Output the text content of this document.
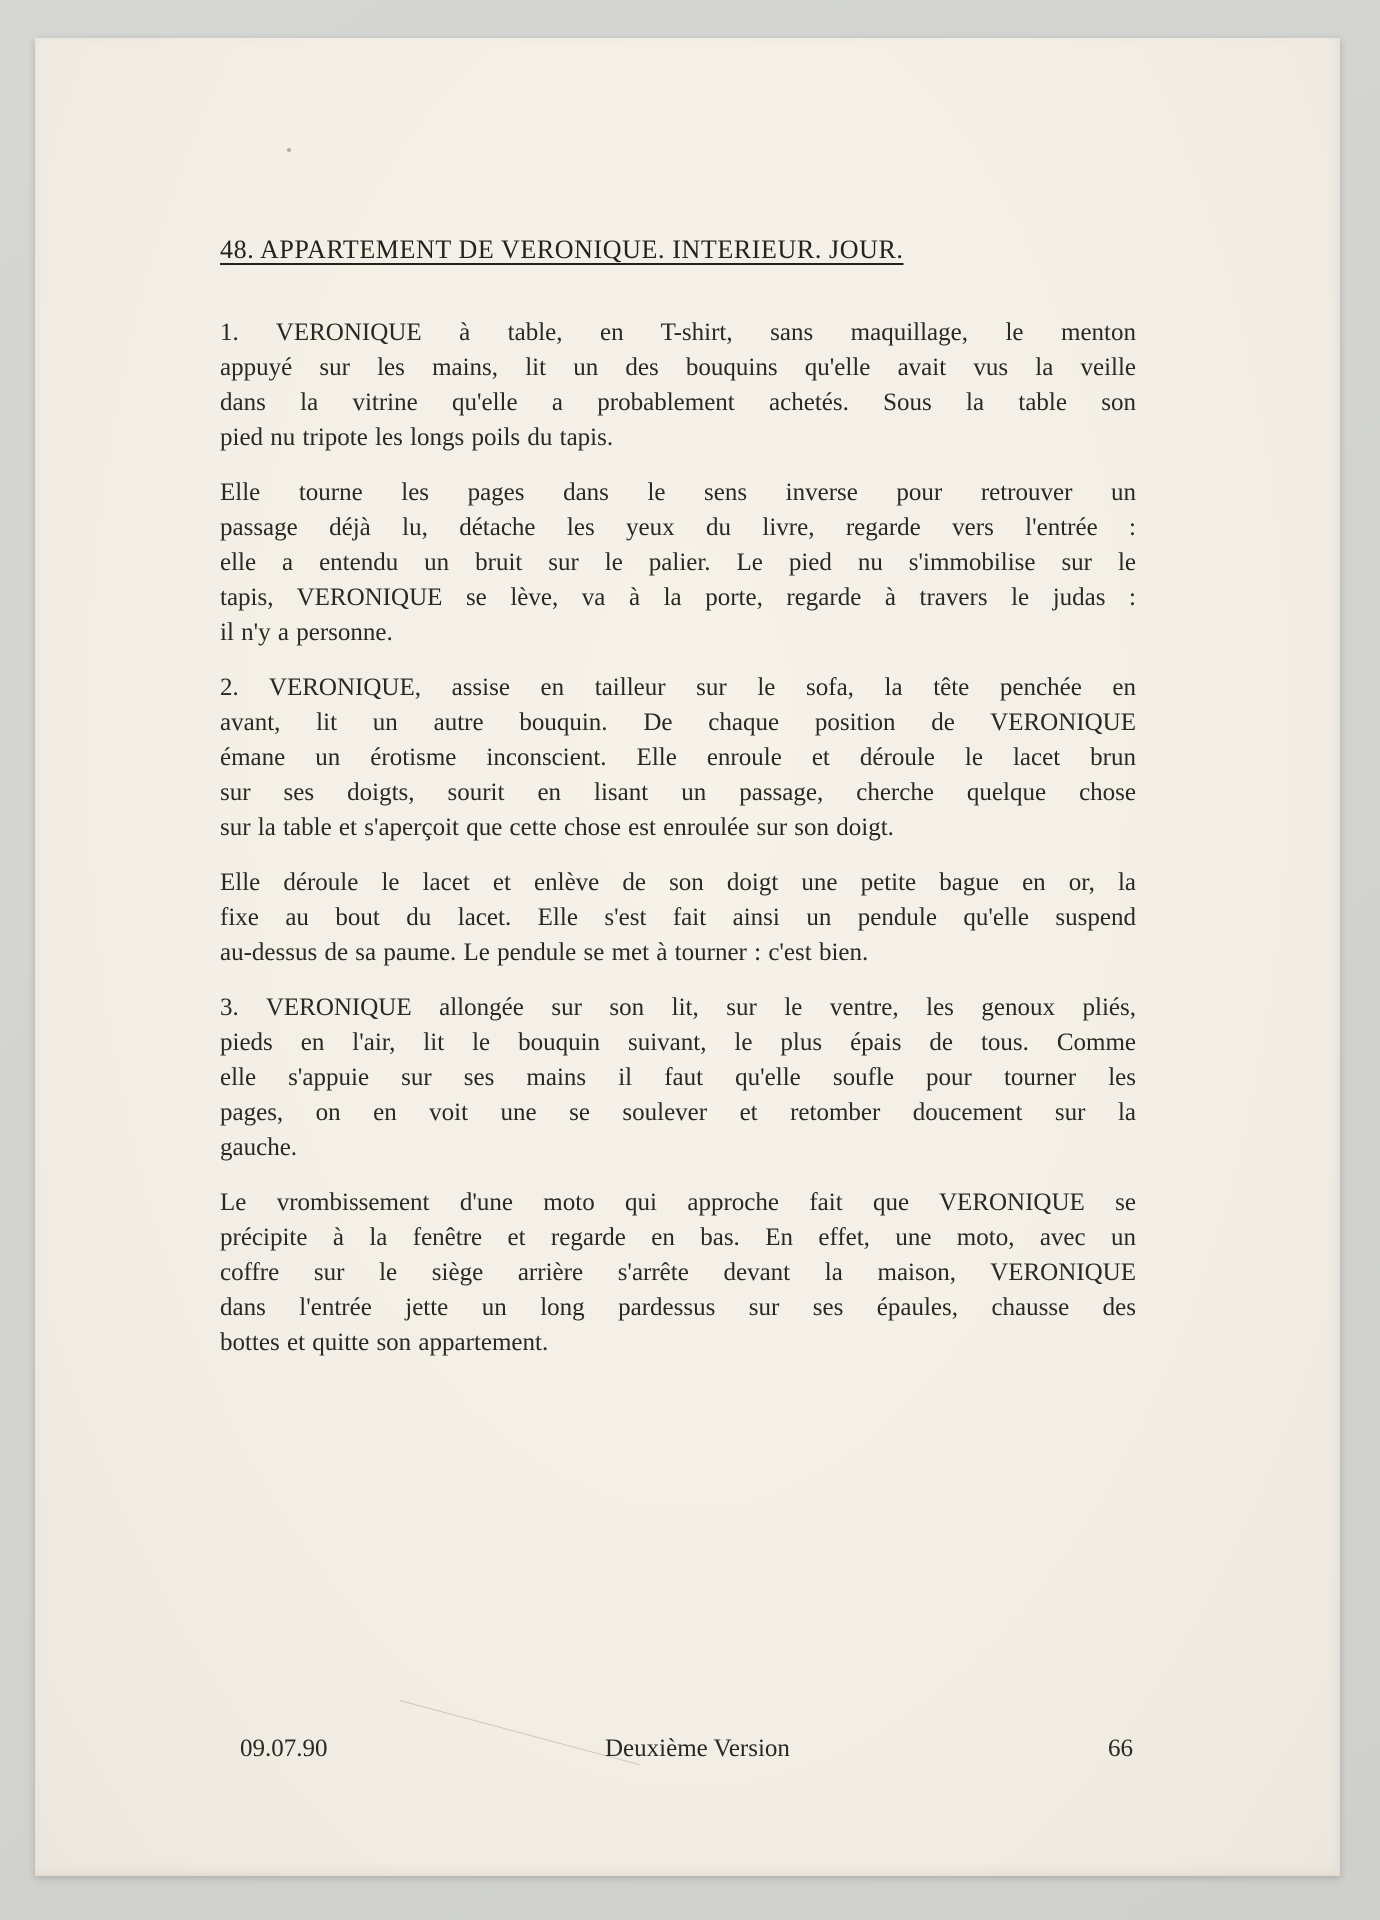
48. APPARTEMENT DE VERONIQUE. INTERIEUR. JOUR.
1. VERONIQUE à table, en T-shirt, sans maquillage, le menton
appuyé sur les mains, lit un des bouquins qu'elle avait vus la veille
dans la vitrine qu'elle a probablement achetés. Sous la table son
pied nu tripote les longs poils du tapis.
Elle tourne les pages dans le sens inverse pour retrouver un
passage déjà lu, détache les yeux du livre, regarde vers l'entrée :
elle a entendu un bruit sur le palier. Le pied nu s'immobilise sur le
tapis, VERONIQUE se lève, va à la porte, regarde à travers le judas :
il n'y a personne.
2. VERONIQUE, assise en tailleur sur le sofa, la tête penchée en
avant, lit un autre bouquin. De chaque position de VERONIQUE
émane un érotisme inconscient. Elle enroule et déroule le lacet brun
sur ses doigts, sourit en lisant un passage, cherche quelque chose
sur la table et s'aperçoit que cette chose est enroulée sur son doigt.
Elle déroule le lacet et enlève de son doigt une petite bague en or, la
fixe au bout du lacet. Elle s'est fait ainsi un pendule qu'elle suspend
au-dessus de sa paume. Le pendule se met à tourner : c'est bien.
3. VERONIQUE allongée sur son lit, sur le ventre, les genoux pliés,
pieds en l'air, lit le bouquin suivant, le plus épais de tous. Comme
elle s'appuie sur ses mains il faut qu'elle soufle pour tourner les
pages, on en voit une se soulever et retomber doucement sur la
gauche.
Le vrombissement d'une moto qui approche fait que VERONIQUE se
précipite à la fenêtre et regarde en bas. En effet, une moto, avec un
coffre sur le siège arrière s'arrête devant la maison, VERONIQUE
dans l'entrée jette un long pardessus sur ses épaules, chausse des
bottes et quitte son appartement.
09.07.90	Deuxième Version	66
